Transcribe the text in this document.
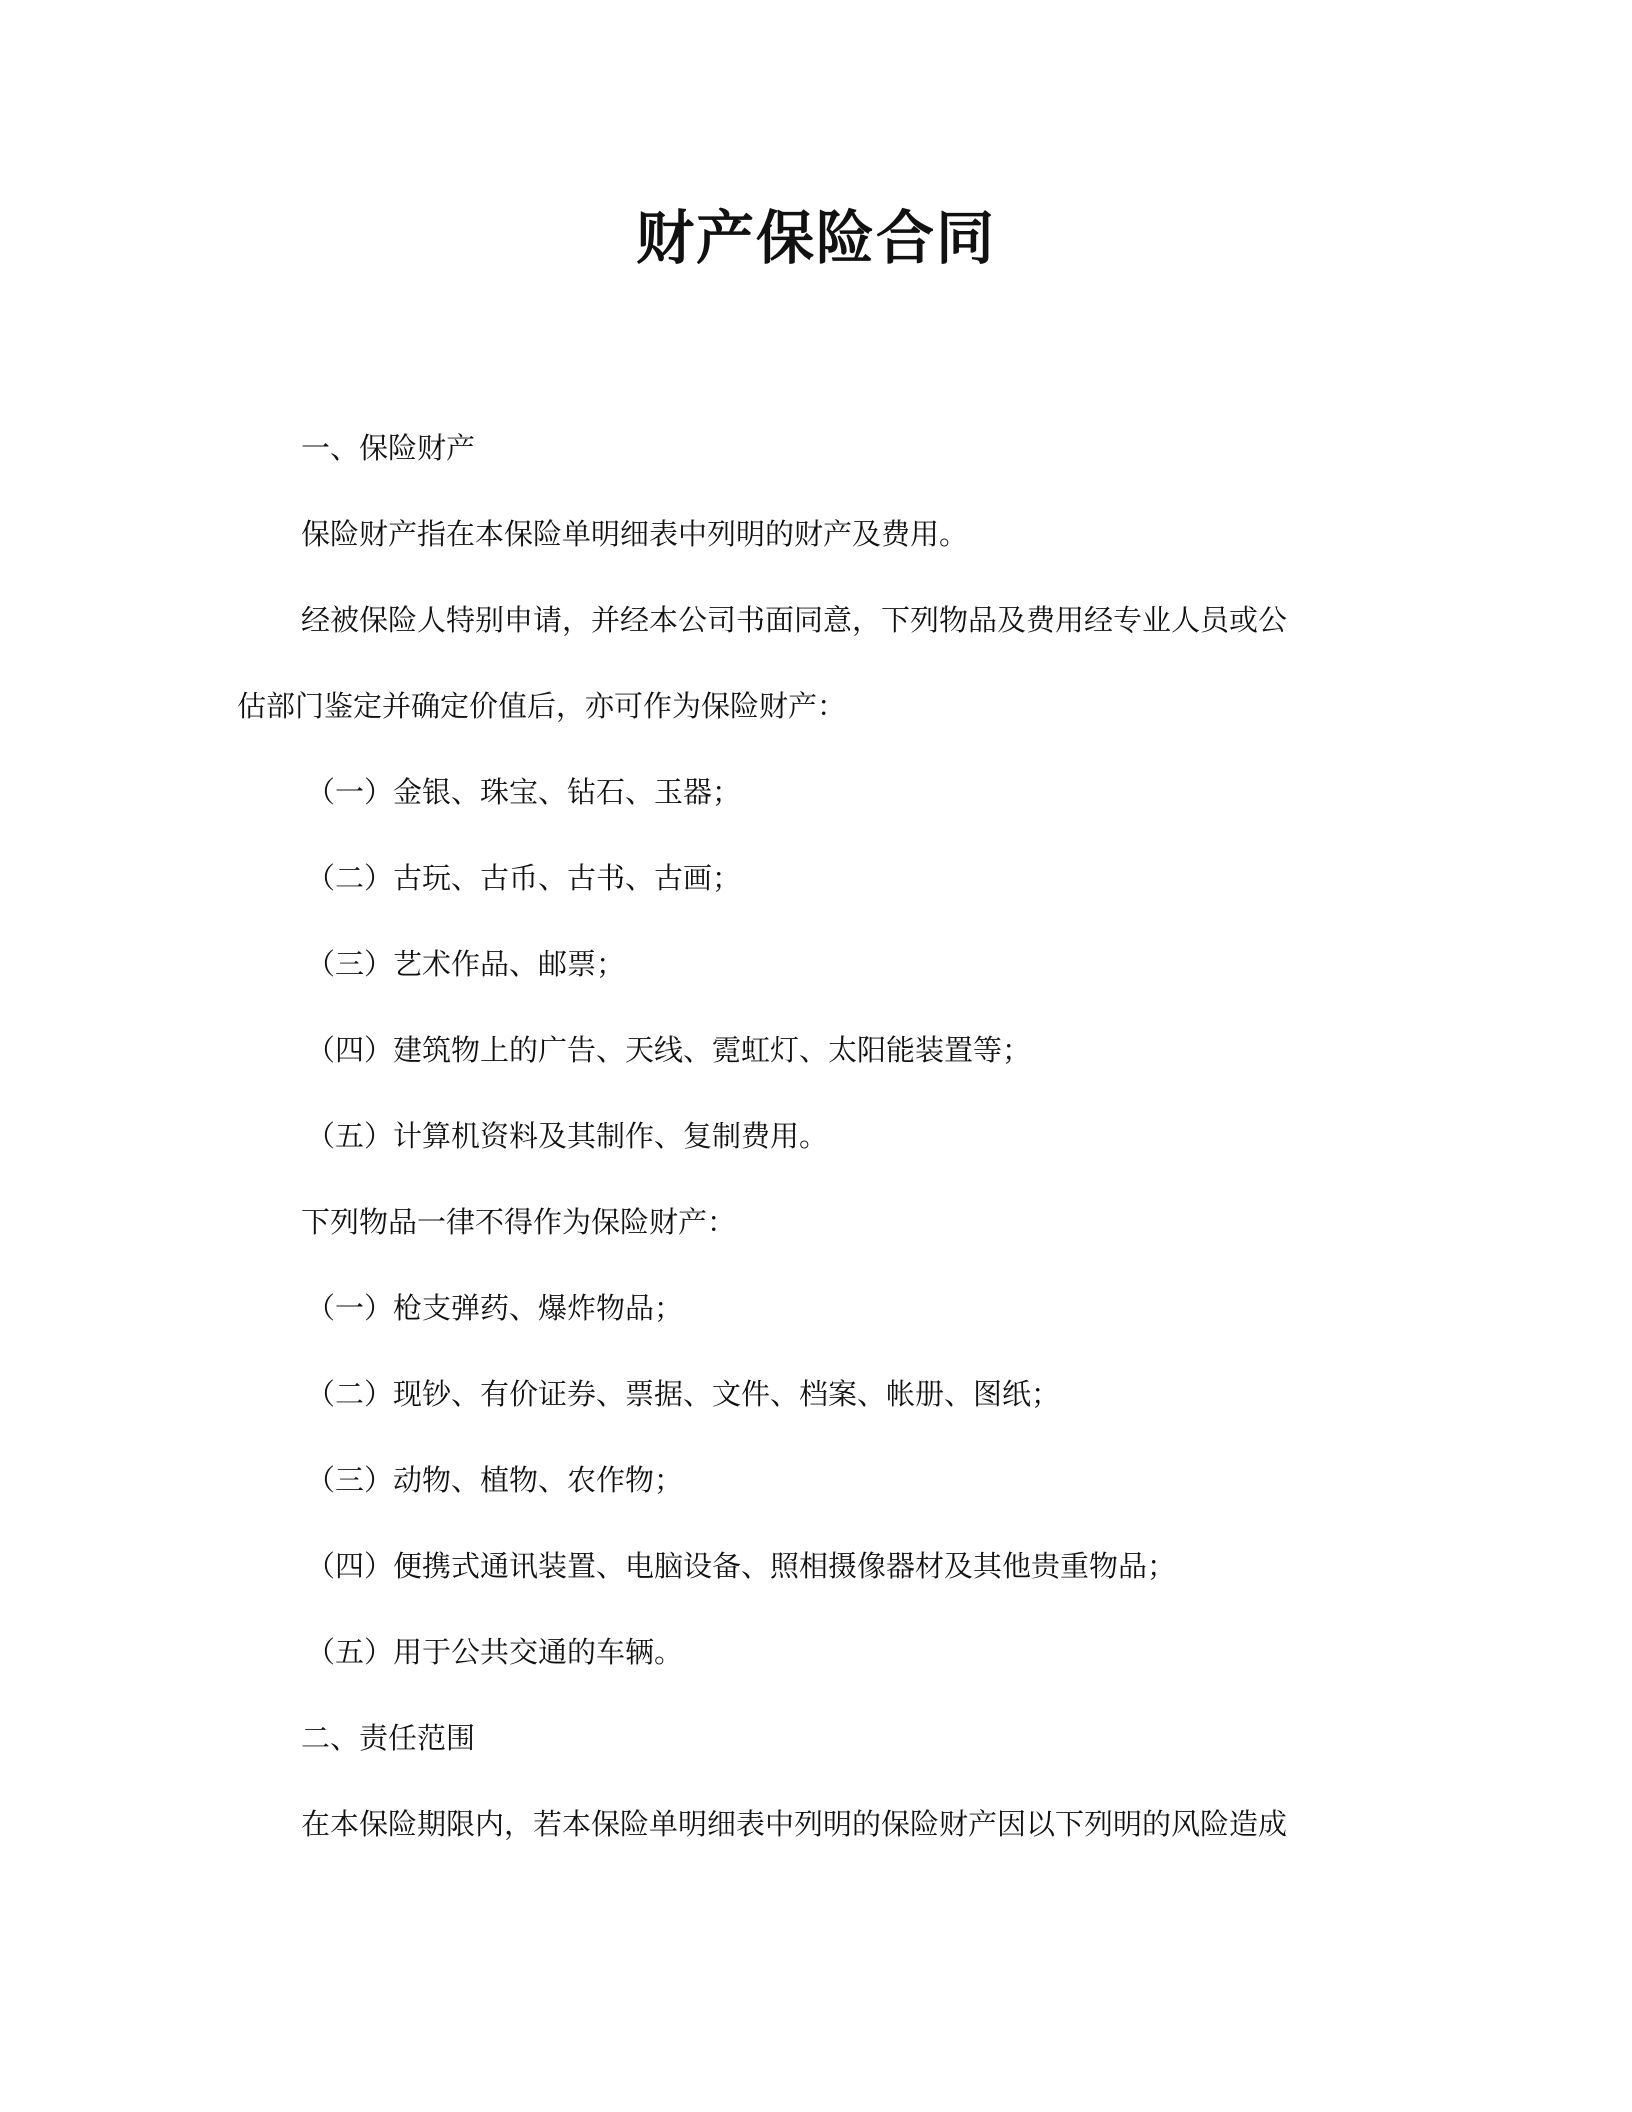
财产保险合同

一、保险财产

保险财产指在本保险单明细表中列明的财产及费用。

经被保险人特别申请，并经本公司书面同意，下列物品及费用经专业人员或公

估部门鉴定并确定价值后，亦可作为保险财产：

（一）金银、珠宝、钻石、玉器；

（二）古玩、古币、古书、古画；

（三）艺术作品、邮票；

（四）建筑物上的广告、天线、霓虹灯、太阳能装置等；

（五）计算机资料及其制作、复制费用。

下列物品一律不得作为保险财产：

（一）枪支弹药、爆炸物品；

（二）现钞、有价证券、票据、文件、档案、帐册、图纸；

（三）动物、植物、农作物；

（四）便携式通讯装置、电脑设备、照相摄像器材及其他贵重物品；

（五）用于公共交通的车辆。

二、责任范围

在本保险期限内，若本保险单明细表中列明的保险财产因以下列明的风险造成
